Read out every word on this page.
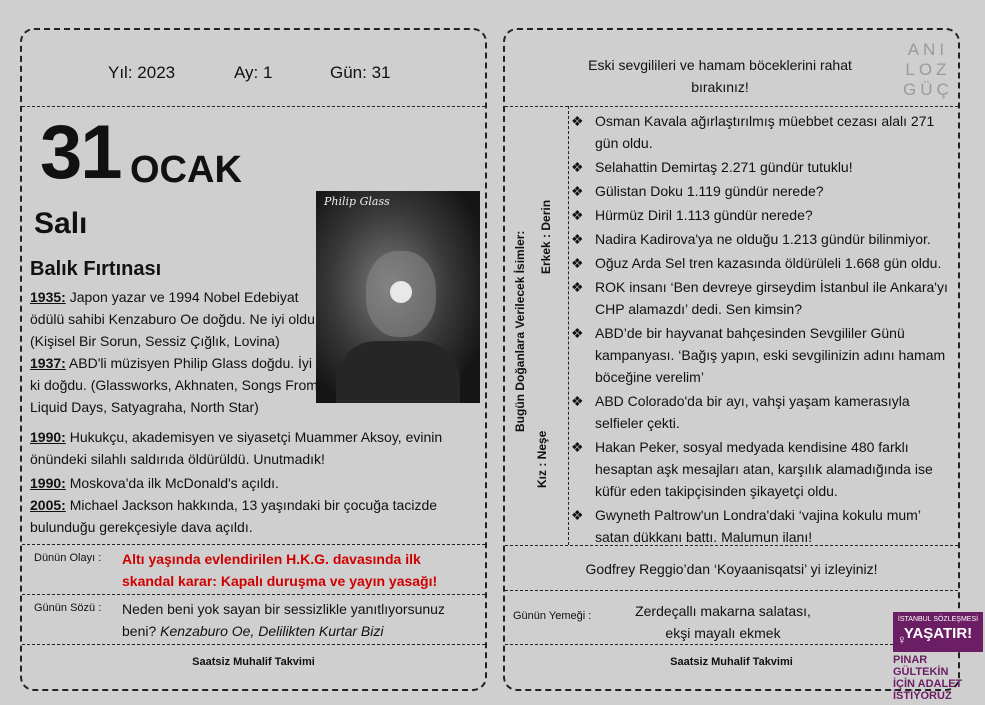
Yıl: 2023	Ay: 1	Gün: 31
31 OCAK
Salı
Balık Fırtınası
Philip Glass
1935: Japon yazar ve 1994 Nobel Edebiyat ödülü sahibi Kenzaburo Oe doğdu. Ne iyi oldu (Kişisel Bir Sorun, Sessiz Çığlık, Lovina)
1937: ABD'li müzisyen Philip Glass doğdu. İyi ki doğdu. (Glassworks, Akhnaten, Songs From Liquid Days, Satyagraha, North Star)
1990: Hukukçu, akademisyen ve siyasetçi Muammer Aksoy, evinin önündeki silahlı saldırıda öldürüldü. Unutmadık!
1990: Moskova'da ilk McDonald's açıldı.
2005: Michael Jackson hakkında, 13 yaşındaki bir çocuğa tacizde bulunduğu gerekçesiyle dava açıldı.
Dünün Olayı : Altı yaşında evlendirilen H.K.G. davasında ilk skandal karar: Kapalı duruşma ve yayın yasağı!
Günün Sözü : Neden beni yok sayan bir sessizlikle yanıtlıyorsunuz beni? Kenzaburo Oe, Delilikten Kurtar Bizi
Saatsiz Muhalif Takvimi
Eski sevgilileri ve hamam böceklerini rahat bırakınız!
ANI
LOZ
GÜÇ
Bugün Doğanlara Verilecek İsimler: Erkek : Derin
Kız : Neşe
❖ Osman Kavala ağırlaştırılmış müebbet cezası alalı 271 gün oldu.
❖ Selahattin Demirtaş 2.271 gündür tutuklu!
❖ Gülistan Doku 1.119 gündür nerede?
❖ Hürmüz Diril 1.113 gündür nerede?
❖ Nadira Kadirova'ya ne olduğu 1.213 gündür bilinmiyor.
❖ Oğuz Arda Sel tren kazasında öldürüleli 1.668 gün oldu.
❖ ROK insanı ‘Ben devreye girseydim İstanbul ile Ankara'yı CHP alamazdı’ dedi. Sen kimsin?
❖ ABD’de bir hayvanat bahçesinden Sevgililer Günü kampanyası. ‘Bağış yapın, eski sevgilinizin adını hamam böceğine verelim’
❖ ABD Colorado'da bir ayı, vahşi yaşam kamerasıyla selfieler çekti.
❖ Hakan Peker, sosyal medyada kendisine 480 farklı hesaptan aşk mesajları atan, karşılık alamadığında ise küfür eden takipçisinden şikayetçi oldu.
❖ Gwyneth Paltrow'un Londra'daki ‘vajina kokulu mum’ satan dükkanı battı. Malumun ilanı!
Godfrey Reggio’dan ‘Koyaanisqatsi’ yi izleyiniz!
Günün Yemeği :	Zerdeçallı makarna salatası, ekşi mayalı ekmek
Saatsiz Muhalif Takvimi
İSTANBUL SÖZLEŞMESİ
YAŞATIR!
♀
PINAR GÜLTEKİN
İÇİN ADALET
İSTİYORUZ
